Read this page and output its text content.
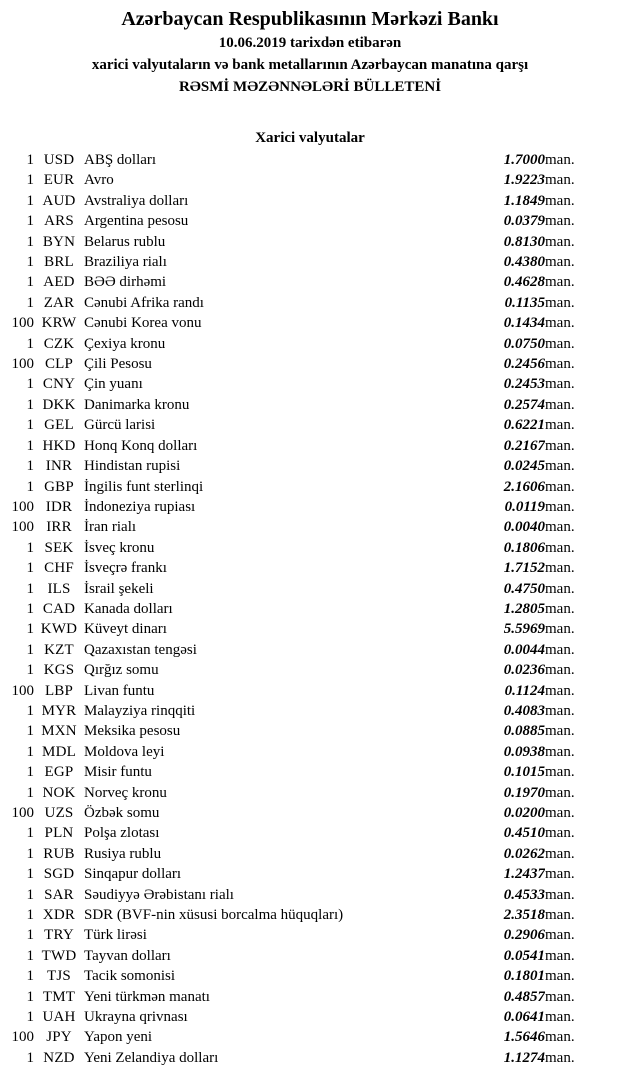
Azərbaycan Respublikasının Mərkəzi Bankı
10.06.2019 tarixdən etibarən
xarici valyutaların və bank metallarının Azərbaycan manatına qarşı
RƏSMİ MƏZƏNNƏLƏRİ BÜLLETENİ
Xarici valyutalar
1	USD	ABŞ dolları	1.7000	man.
1	EUR	Avro	1.9223	man.
1	AUD	Avstraliya dolları	1.1849	man.
1	ARS	Argentina pesosu	0.0379	man.
1	BYN	Belarus rublu	0.8130	man.
1	BRL	Braziliya rialı	0.4380	man.
1	AED	BƏƏ dirhəmi	0.4628	man.
1	ZAR	Cənubi Afrika randı	0.1135	man.
100	KRW	Cənubi Korea vonu	0.1434	man.
1	CZK	Çexiya kronu	0.0750	man.
100	CLP	Çili Pesosu	0.2456	man.
1	CNY	Çin yuanı	0.2453	man.
1	DKK	Danimarka kronu	0.2574	man.
1	GEL	Gürcü larisi	0.6221	man.
1	HKD	Honq Konq dolları	0.2167	man.
1	INR	Hindistan rupisi	0.0245	man.
1	GBP	İngilis funt sterlinqi	2.1606	man.
100	IDR	İndoneziya rupiası	0.0119	man.
100	IRR	İran rialı	0.0040	man.
1	SEK	İsveç kronu	0.1806	man.
1	CHF	İsveçrə frankı	1.7152	man.
1	ILS	İsrail şekeli	0.4750	man.
1	CAD	Kanada dolları	1.2805	man.
1	KWD	Küveyt dinarı	5.5969	man.
1	KZT	Qazaxıstan tengəsi	0.0044	man.
1	KGS	Qırğız somu	0.0236	man.
100	LBP	Livan funtu	0.1124	man.
1	MYR	Malayziya rinqqiti	0.4083	man.
1	MXN	Meksika pesosu	0.0885	man.
1	MDL	Moldova leyi	0.0938	man.
1	EGP	Misir funtu	0.1015	man.
1	NOK	Norveç kronu	0.1970	man.
100	UZS	Özbək somu	0.0200	man.
1	PLN	Polşa zlotası	0.4510	man.
1	RUB	Rusiya rublu	0.0262	man.
1	SGD	Sinqapur dolları	1.2437	man.
1	SAR	Səudiyyə Ərəbistanı rialı	0.4533	man.
1	XDR	SDR (BVF-nin xüsusi borcalma hüquqları)	2.3518	man.
1	TRY	Türk lirəsi	0.2906	man.
1	TWD	Tayvan dolları	0.0541	man.
1	TJS	Tacik somonisi	0.1801	man.
1	TMT	Yeni türkmən manatı	0.4857	man.
1	UAH	Ukrayna qrivnası	0.0641	man.
100	JPY	Yapon yeni	1.5646	man.
1	NZD	Yeni Zelandiya dolları	1.1274	man.
